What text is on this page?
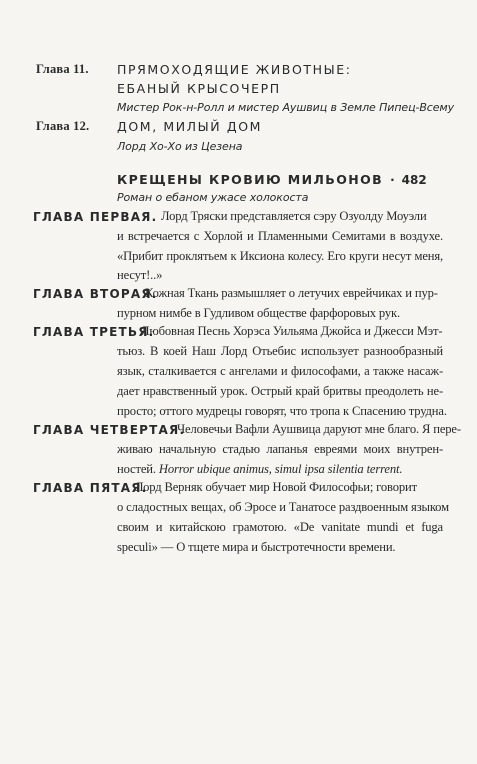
Глава 11. ПРЯМОХОДЯЩИЕ ЖИВОТНЫЕ:
ЕБАНЫЙ КРЫСОЧЕРП
Мистер Рок-н-Ролл и мистер Аушвиц в Земле Пипец-Всему
Глава 12. ДОМ, МИЛЫЙ ДОМ
Лорд Хо-Хо из Цезена
КРЕЩЕНЫ КРОВИЮ МИЛЬОНОВ · 482
Роман о ебаном ужасе холокоста
ГЛАВА ПЕРВАЯ. Лорд Тряски представляется сэру Озуолду Моуэли
и встречается с Хорлой и Пламенными Семитами в воздухе.
«Прибит проклятьем к Иксиона колесу. Его круги несут меня,
несут!..»
ГЛАВА ВТОРАЯ.
Кожная Ткань размышляет о летучих еврейчиках и пур-
пурном нимбе в Гудливом обществе фарфоровых рук.
ГЛАВА ТРЕТЬЯ.
Любовная Песнь Хорэса Уильяма Джойса и Джесси Мэт-
тьюз. В коей Наш Лорд Отьебис использует разнообразный
язык, сталкивается с ангелами и философами, а также насаж-
дает нравственный урок. Острый край бритвы преодолеть не-
просто; оттого мудрецы говорят, что тропа к Спасению трудна.
ГЛАВА ЧЕТВЕРТАЯ.
Человечьи Вафли Аушвица даруют мне благо. Я пере-
живаю начальную стадью лапанья евреями моих внутрен-
ностей. Horror ubique animus, simul ipsa silentia terrent.
ГЛАВА ПЯТАЯ.
Лорд Верняк обучает мир Новой Философьи; говорит
о сладостных вещах, об Эросе и Танатосе раздвоенным языком
своим и китайскою грамотою. «De vanitate mundi et fuga
speculi» — О тщете мира и быстротечности времени.
